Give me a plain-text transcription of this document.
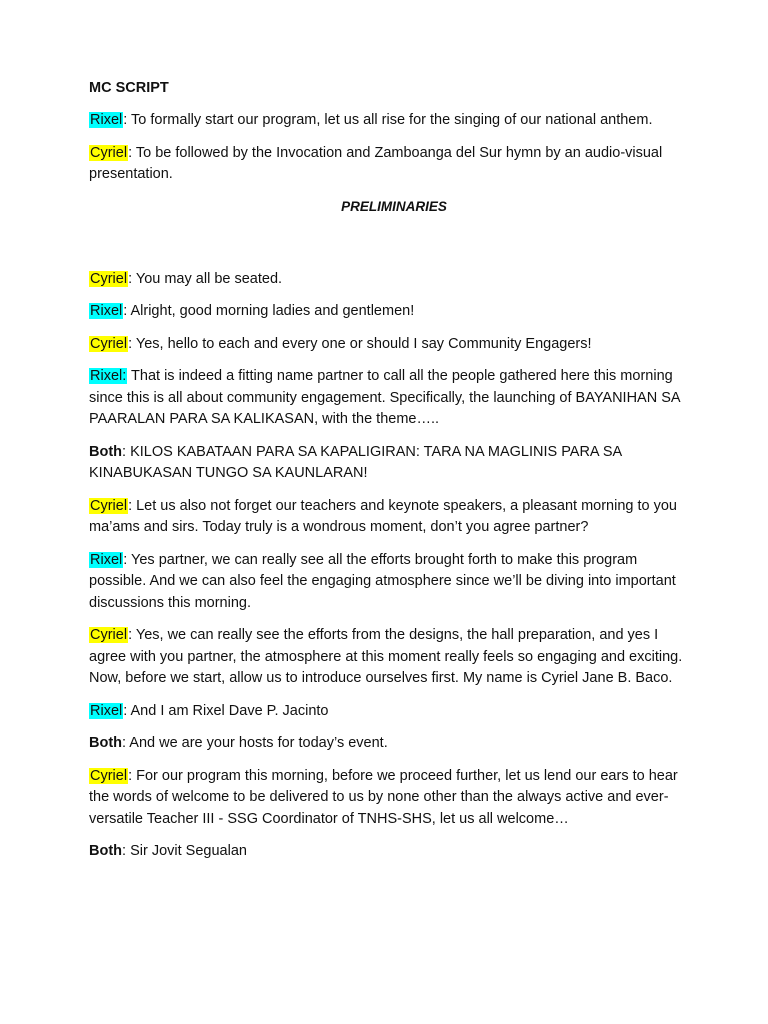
MC SCRIPT

Rixel: To formally start our program, let us all rise for the singing of our national anthem.

Cyriel: To be followed by the Invocation and Zamboanga del Sur hymn by an audio-visual presentation.

PRELIMINARIES

Cyriel: You may all be seated.

Rixel: Alright, good morning ladies and gentlemen!

Cyriel: Yes, hello to each and every one or should I say Community Engagers!

Rixel: That is indeed a fitting name partner to call all the people gathered here this morning since this is all about community engagement. Specifically, the launching of BAYANIHAN SA PAARALAN PARA SA KALIKASAN, with the theme…..

Both: KILOS KABATAAN PARA SA KAPALIGIRAN: TARA NA MAGLINIS PARA SA KINABUKASAN TUNGO SA KAUNLARAN!

Cyriel: Let us also not forget our teachers and keynote speakers, a pleasant morning to you ma’ams and sirs. Today truly is a wondrous moment, don’t you agree partner?

Rixel: Yes partner, we can really see all the efforts brought forth to make this program possible. And we can also feel the engaging atmosphere since we’ll be diving into important discussions this morning.

Cyriel: Yes, we can really see the efforts from the designs, the hall preparation, and yes I agree with you partner, the atmosphere at this moment really feels so engaging and exciting. Now, before we start, allow us to introduce ourselves first. My name is Cyriel Jane B. Baco.

Rixel: And I am Rixel Dave P. Jacinto

Both: And we are your hosts for today’s event.

Cyriel: For our program this morning, before we proceed further, let us lend our ears to hear the words of welcome to be delivered to us by none other than the always active and ever-versatile Teacher III - SSG Coordinator of TNHS-SHS, let us all welcome…

Both: Sir Jovit Segualan
